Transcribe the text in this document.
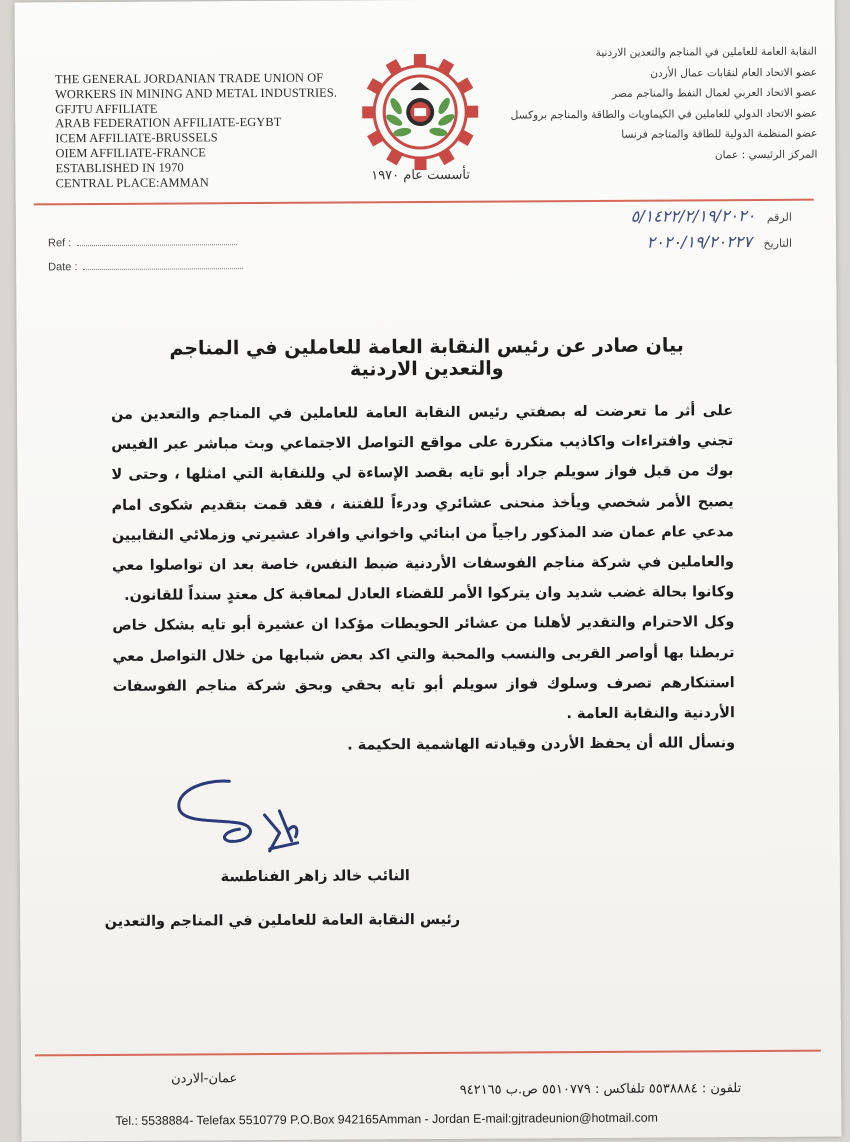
THE GENERAL JORDANIAN TRADE UNION OF
WORKERS IN MINING AND METAL INDUSTRIES.
GFJTU AFFILIATE
ARAB FEDERATION AFFILIATE-EGYBT
ICEM AFFILIATE-BRUSSELS
OIEM AFFILIATE-FRANCE
ESTABLISHED IN 1970
CENTRAL PLACE:AMMAN	تأسست عام ١٩٧٠
النقابة العامة للعاملين في المناجم والتعدين الاردنية
عضو الاتحاد العام لنقابات عمال الأردن
عضو الاتحاد العربي لعمال النفط والمناجم مصر
عضو الاتحاد الدولي للعاملين في الكيماويات والطاقة والمناجم بروكسل
عضو المنظمة الدولية للطاقة والمناجم فرنسا
المركز الرئيسي : عمان
Ref :
Date :
الرقم ٥/١٤٢٢/٢/١٩/٢٠٢٠
التاريخ ٢٠٢٠/١٩/٢٠٢٢٧
بيان صادر عن رئيس النقابة العامة للعاملين في المناجم والتعدين الاردنية

على أثر ما تعرضت له بصفتي رئيس النقابة العامة للعاملين في المناجم والتعدين من تجني وافتراءات واكاذيب متكررة على مواقع التواصل الاجتماعي وبث مباشر عبر الفيس بوك من قبل فواز سويلم جراد أبو تايه بقصد الإساءة لي وللنقابة التي امثلها ، وحتى لا يصبح الأمر شخصي ويأخذ منحنى عشائري ودرءاً للفتنة ، فقد قمت بتقديم شكوى امام مدعي عام عمان ضد المذكور راجياً من ابنائي واخواني وافراد عشيرتي وزملائي النقابيين والعاملين في شركة مناجم الفوسفات الأردنية ضبط النفس، خاصة بعد ان تواصلوا معي وكانوا بحالة غضب شديد وان يتركوا الأمر للقضاء العادل لمعاقبة كل معتدٍ سنداً للقانون.

وكل الاحترام والتقدير لأهلنا من عشائر الحويطات مؤكدا ان عشيرة أبو تايه بشكل خاص تربطنا بها أواصر القربى والنسب والمحبة والتي اكد بعض شبابها من خلال التواصل معي استنكارهم تصرف وسلوك فواز سويلم أبو تايه بحقي وبحق شركة مناجم الفوسفات الأردنية والنقابة العامة .

ونسأل الله أن يحفظ الأردن وقيادته الهاشمية الحكيمة .

النائب خالد زاهر الفناطسة
رئيس النقابة العامة للعاملين في المناجم والتعدين
عمان-الاردن
تلفون : ٥٥٣٨٨٨٤ تلفاكس : ٥٥١٠٧٧٩ ص.ب ٩٤٢١٦٥
Tel.: 5538884- Telefax 5510779 P.O.Box 942165Amman - Jordan E-mail:gjtradeunion@hotmail.com
